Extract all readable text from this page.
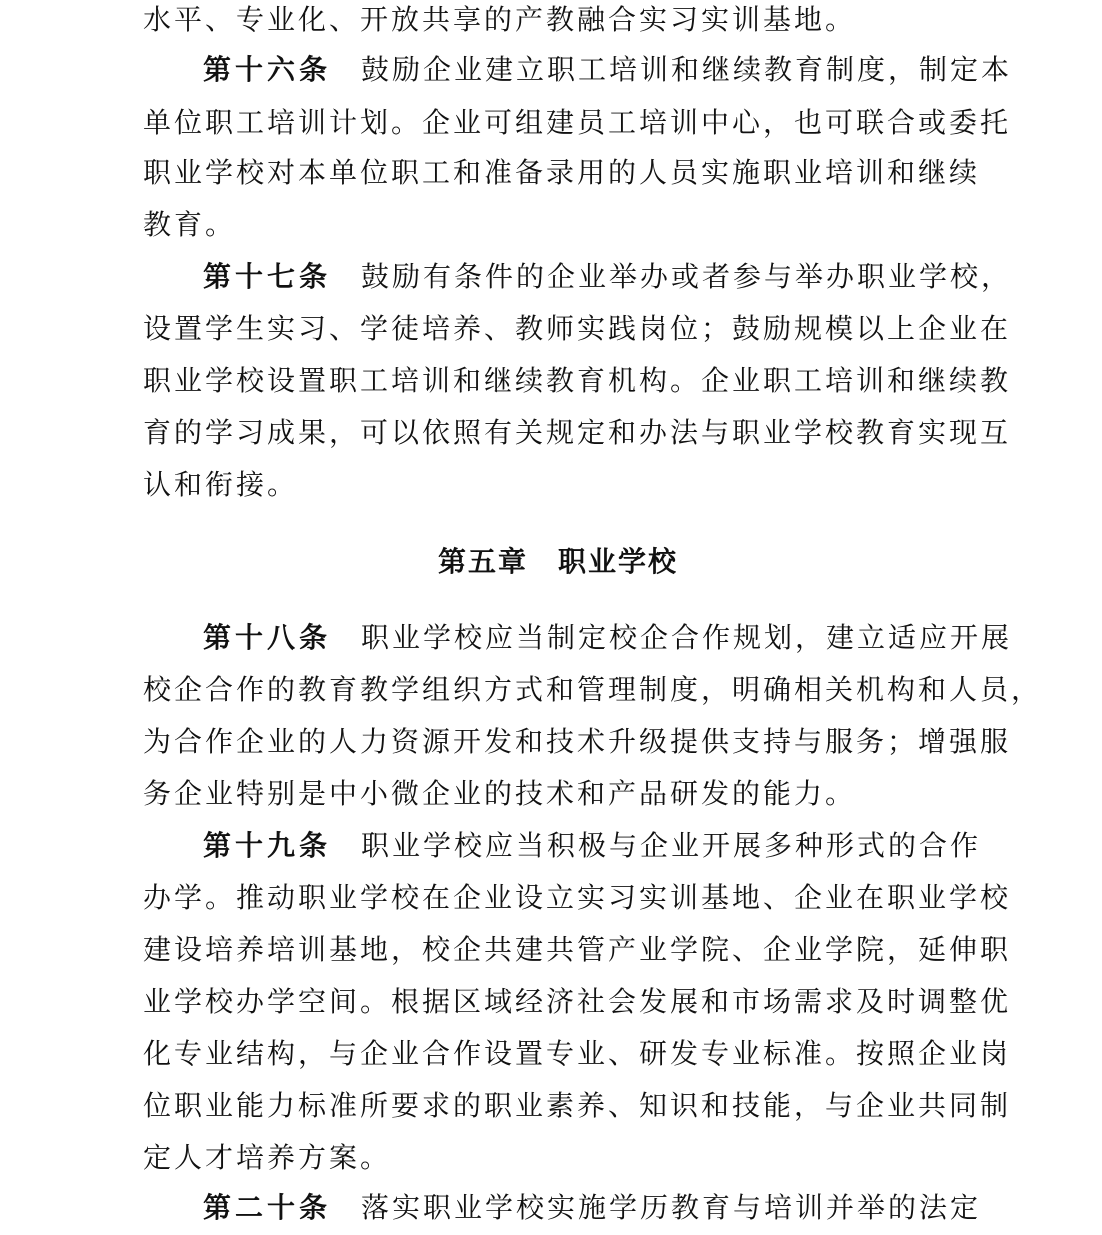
水平、专业化、开放共享的产教融合实习实训基地。
第十六条 鼓励企业建立职工培训和继续教育制度，制定本
单位职工培训计划。企业可组建员工培训中心，也可联合或委托
职业学校对本单位职工和准备录用的人员实施职业培训和继续
教育。
第十七条 鼓励有条件的企业举办或者参与举办职业学校，
设置学生实习、学徒培养、教师实践岗位；鼓励规模以上企业在
职业学校设置职工培训和继续教育机构。企业职工培训和继续教
育的学习成果，可以依照有关规定和办法与职业学校教育实现互
认和衔接。
第五章　职业学校
第十八条 职业学校应当制定校企合作规划，建立适应开展
校企合作的教育教学组织方式和管理制度，明确相关机构和人员，
为合作企业的人力资源开发和技术升级提供支持与服务；增强服
务企业特别是中小微企业的技术和产品研发的能力。
第十九条 职业学校应当积极与企业开展多种形式的合作
办学。推动职业学校在企业设立实习实训基地、企业在职业学校
建设培养培训基地，校企共建共管产业学院、企业学院，延伸职
业学校办学空间。根据区域经济社会发展和市场需求及时调整优
化专业结构，与企业合作设置专业、研发专业标准。按照企业岗
位职业能力标准所要求的职业素养、知识和技能，与企业共同制
定人才培养方案。
第二十条 落实职业学校实施学历教育与培训并举的法定
